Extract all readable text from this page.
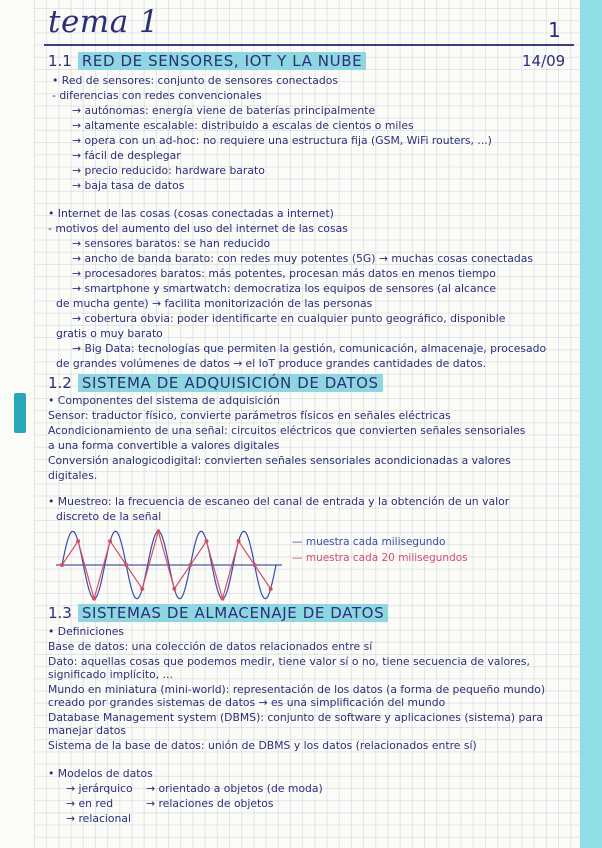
tema 1	1
14/09
1.1 RED DE SENSORES, IOT Y LA NUBE
• Red de sensores: conjunto de sensores conectados
- diferencias con redes convencionales
→ autónomas: energía viene de baterías principalmente
→ altamente escalable: distribuido a escalas de cientos o miles
→ opera con un ad-hoc: no requiere una estructura fija (GSM, WiFi routers, ...)
→ fácil de desplegar
→ precio reducido: hardware barato
→ baja tasa de datos
• Internet de las cosas (cosas conectadas a internet)
- motivos del aumento del uso del internet de las cosas
→ sensores baratos: se han reducido
→ ancho de banda barato: con redes muy potentes (5G) → muchas cosas conectadas
→ procesadores baratos: más potentes, procesan más datos en menos tiempo
→ smartphone y smartwatch: democratiza los equipos de sensores (al alcance
de mucha gente) → facilita monitorización de las personas
→ cobertura obvia: poder identificarte en cualquier punto geográfico, disponible
gratis o muy barato
→ Big Data: tecnologías que permiten la gestión, comunicación, almacenaje, procesado
de grandes volúmenes de datos → el IoT produce grandes cantidades de datos.
1.2 SISTEMA DE ADQUISICIÓN DE DATOS
• Componentes del sistema de adquisición
Sensor: traductor físico, convierte parámetros físicos en señales eléctricas
Acondicionamiento de una señal: circuitos eléctricos que convierten señales sensoriales
a una forma convertible a valores digitales
Conversión analogicodigital: convierten señales sensoriales acondicionadas a valores
digitales.
• Muestreo: la frecuencia de escaneo del canal de entrada y la obtención de un valor
discreto de la señal
— muestra cada milisegundo
— muestra cada 20 milisegundos
1.3 SISTEMAS DE ALMACENAJE DE DATOS
• Definiciones
Base de datos: una colección de datos relacionados entre sí
Dato: aquellas cosas que podemos medir, tiene valor sí o no, tiene secuencia de valores, significado implícito, ...
Mundo en miniatura (mini-world): representación de los datos (a forma de pequeño mundo) creado por grandes sistemas de datos → es una simplificación del mundo
Database Management system (DBMS): conjunto de software y aplicaciones (sistema) para manejar datos
Sistema de la base de datos: unión de DBMS y los datos (relacionados entre sí)
• Modelos de datos
→ jerárquico
→ en red
→ relacional
→ orientado a objetos (de moda)
→ relaciones de objetos
